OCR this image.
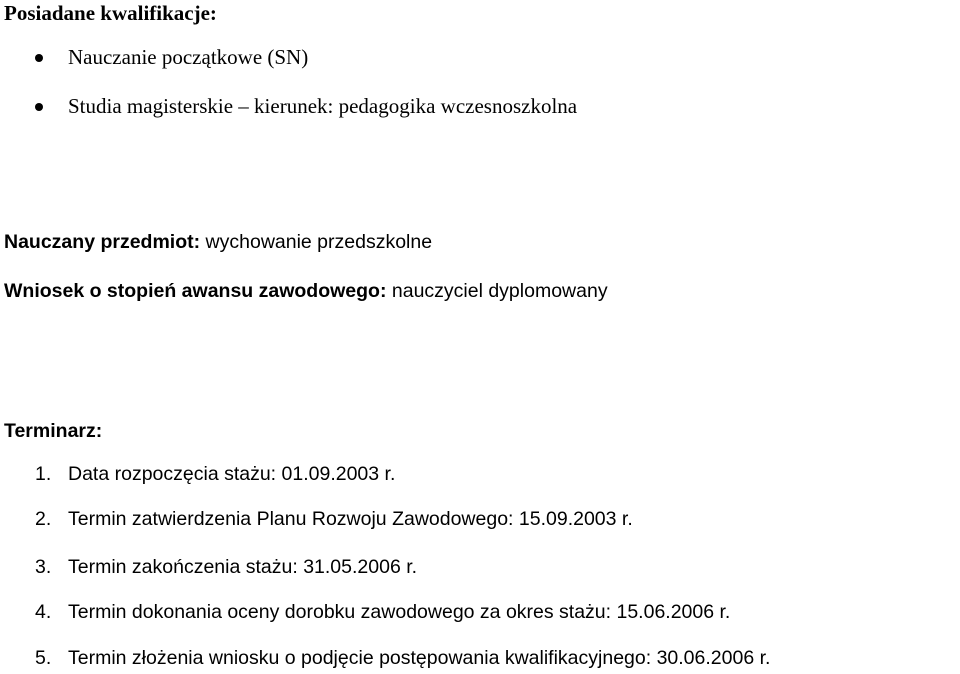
Posiadane kwalifikacje:
Nauczanie początkowe (SN)
Studia magisterskie – kierunek: pedagogika wczesnoszkolna
Nauczany przedmiot: wychowanie przedszkolne
Wniosek o stopień awansu zawodowego: nauczyciel dyplomowany
Terminarz:
1. Data rozpoczęcia stażu: 01.09.2003 r.
2. Termin zatwierdzenia Planu Rozwoju Zawodowego: 15.09.2003 r.
3. Termin zakończenia stażu: 31.05.2006 r.
4. Termin dokonania oceny dorobku zawodowego za okres stażu: 15.06.2006 r.
5. Termin złożenia wniosku o podjęcie postępowania kwalifikacyjnego: 30.06.2006 r.
